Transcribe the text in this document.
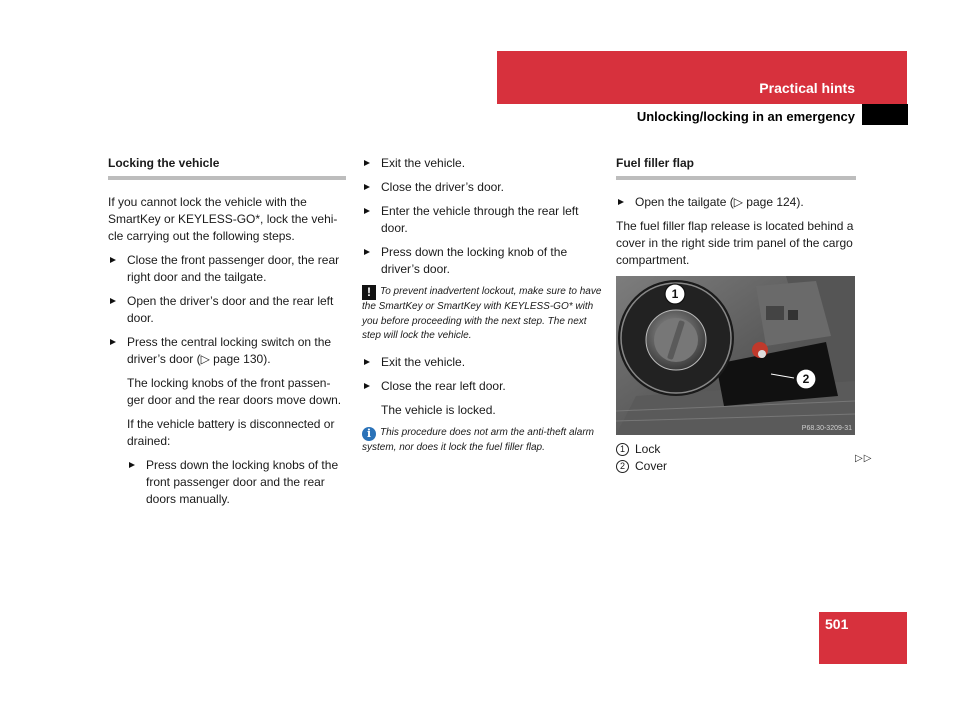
Practical hints
Unlocking/locking in an emergency
Locking the vehicle

If you cannot lock the vehicle with the SmartKey or KEYLESS-GO*, lock the vehi-cle carrying out the following steps.

Close the front passenger door, the rear right door and the tailgate.
Open the driver’s door and the rear left door.
Press the central locking switch on the driver’s door (▷ page 130).

The locking knobs of the front passen-ger door and the rear doors move down.

If the vehicle battery is disconnected or drained:

Press down the locking knobs of the front passenger door and the rear doors manually.
Exit the vehicle.
Close the driver’s door.
Enter the vehicle through the rear left door.
Press down the locking knob of the driver’s door.
! To prevent inadvertent lockout, make sure to have the SmartKey or SmartKey with KEYLESS-GO* with you before proceeding with the next step. The next step will lock the vehicle.
Exit the vehicle.
Close the rear left door.

The vehicle is locked.

i This procedure does not arm the anti-theft alarm system, nor does it lock the fuel filler flap.
Fuel filler flap
Open the tailgate (▷ page 124).

The fuel filler flap release is located behind a cover in the right side trim panel of the cargo compartment.

1
2
P68.30-3209-31
1 Lock
2 Cover
▷▷
501
